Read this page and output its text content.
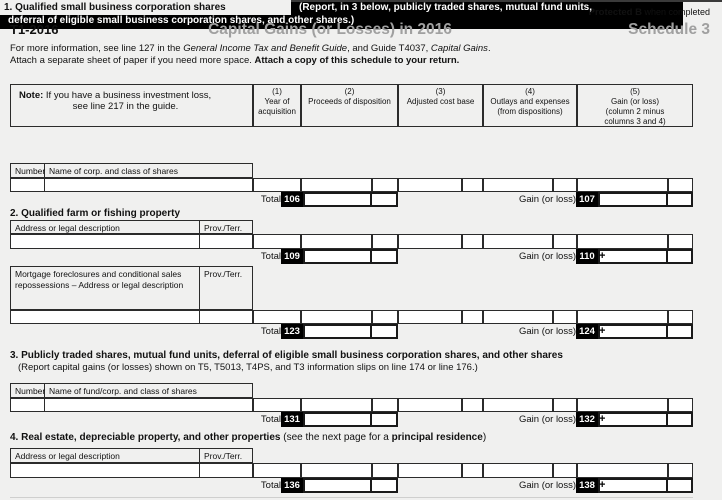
Protected B when completed
T1-2016	Capital Gains (or Losses) in 2016	Schedule 3
For more information, see line 127 in the General Income Tax and Benefit Guide, and Guide T4037, Capital Gains.
Attach a separate sheet of paper if you need more space. Attach a copy of this schedule to your return.
Note: If you have a business investment loss,
see line 217 in the guide.
(1)
Year of
acquisition
(2)
Proceeds of disposition
(3)
Adjusted cost base
(4)
Outlays and expenses
(from dispositions)
(5)
Gain (or loss)
(column 2 minus
columns 3 and 4)
1. Qualified small business corporation shares	(Report, in 3 below, publicly traded shares, mutual fund units,
deferral of eligible small business corporation shares, and other shares.)
Number Name of corp. and class of shares
Total 106	Gain (or loss) 107
2. Qualified farm or fishing property
Address or legal description	Prov./Terr.
Total 109	Gain (or loss) 110 +
Mortgage foreclosures and conditional sales repossessions – Address or legal description
Prov./Terr.
Total 123	Gain (or loss) 124 +
3. Publicly traded shares, mutual fund units, deferral of eligible small business corporation shares, and other shares
(Report capital gains (or losses) shown on T5, T5013, T4PS, and T3 information slips on line 174 or line 176.)
Number Name of fund/corp. and class of shares
Total 131	Gain (or loss) 132 +
4. Real estate, depreciable property, and other properties (see the next page for a principal residence)
Address or legal description	Prov./Terr.
Total 136	Gain (or loss) 138 +
